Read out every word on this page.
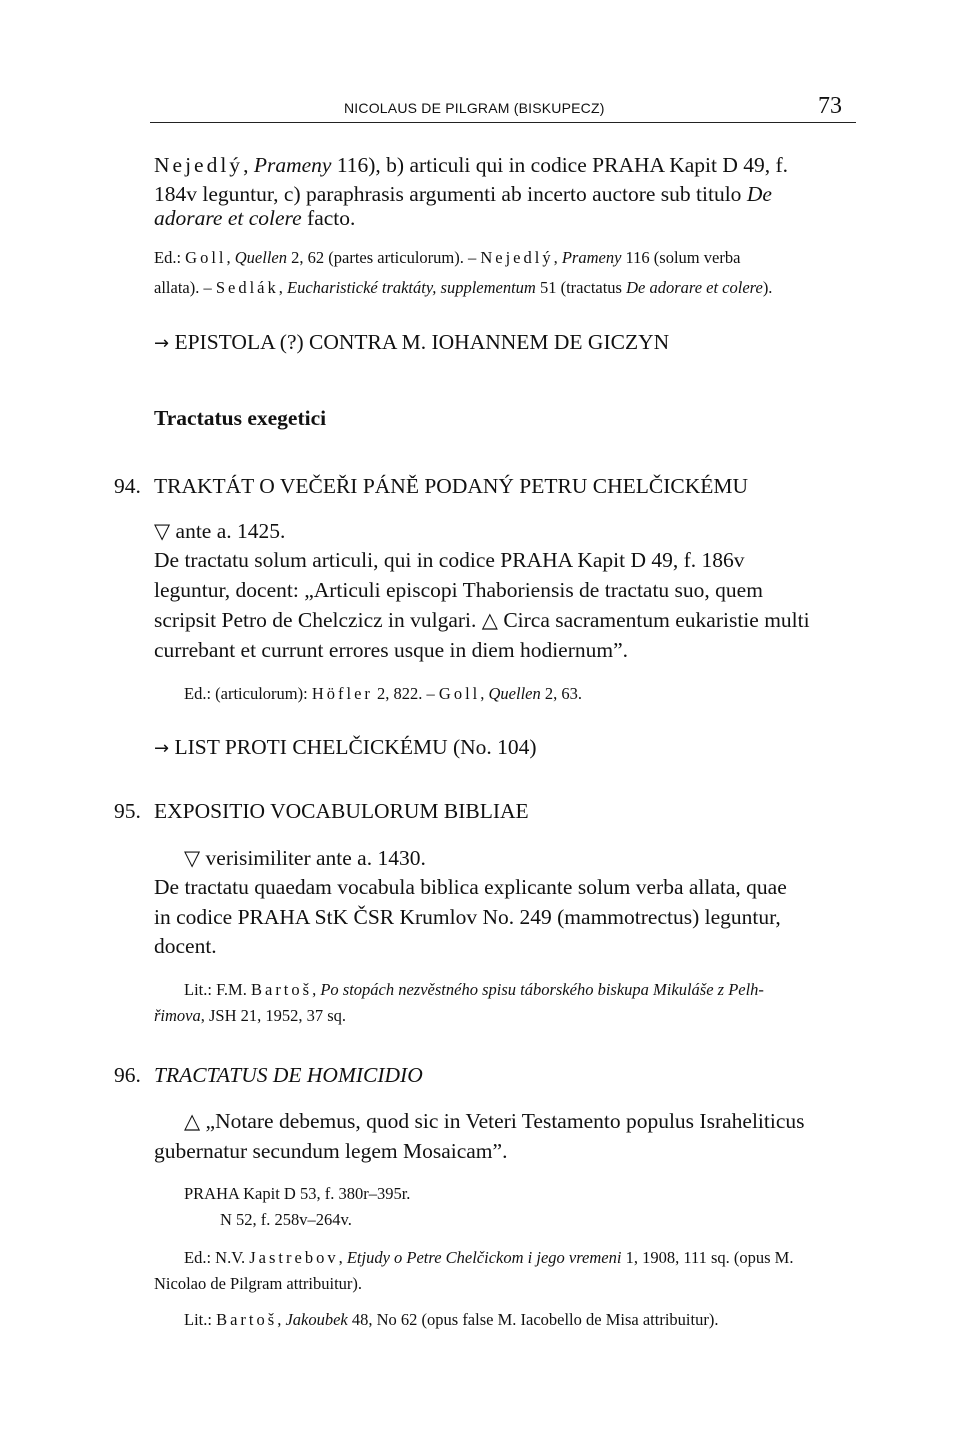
NICOLAUS DE PILGRAM (BISKUPECZ)	73
Nejedlý, Prameny 116), b) articuli qui in codice PRAHA Kapit D 49, f.
184v leguntur, c) paraphrasis argumenti ab incerto auctore sub titulo De
adorare et colere facto.
Ed.: Goll, Quellen 2, 62 (partes articulorum). – Nejedlý, Prameny 116 (solum verba
allata). – Sedlák, Eucharistické traktáty, supplementum 51 (tractatus De adorare et colere).
→ EPISTOLA (?) CONTRA M. IOHANNEM DE GICZYN
Tractatus exegetici
94. TRAKTÁT O VEČEŘI PÁNĚ PODANÝ PETRU CHELČICKÉMU
▽ ante a. 1425.
De tractatu solum articuli, qui in codice PRAHA Kapit D 49, f. 186v
leguntur, docent: „Articuli episcopi Thaboriensis de tractatu suo, quem
scripsit Petro de Chelczicz in vulgari. △ Circa sacramentum eukaristie multi
currebant et currunt errores usque in diem hodiernum”.
Ed.: (articulorum): Höfler 2, 822. – Goll, Quellen 2, 63.
→ LIST PROTI CHELČICKÉMU (No. 104)
95. EXPOSITIO VOCABULORUM BIBLIAE
▽ verisimiliter ante a. 1430.
De tractatu quaedam vocabula biblica explicante solum verba allata, quae
in codice PRAHA StK ČSR Krumlov No. 249 (mammotrectus) leguntur,
docent.
Lit.: F.M. Bartoš, Po stopách nezvěstného spisu táborského biskupa Mikuláše z Pelh-
řimova, JSH 21, 1952, 37 sq.
96. TRACTATUS DE HOMICIDIO
△ „Notare debemus, quod sic in Veteri Testamento populus Israheliticus
gubernatur secundum legem Mosaicam”.
PRAHA Kapit D 53, f. 380r–395r.
N 52, f. 258v–264v.
Ed.: N.V. Jastrebov, Etjudy o Petre Chelčickom i jego vremeni 1, 1908, 111 sq. (opus M.
Nicolao de Pilgram attribuitur).
Lit.: Bartoš, Jakoubek 48, No 62 (opus false M. Iacobello de Misa attribuitur).
